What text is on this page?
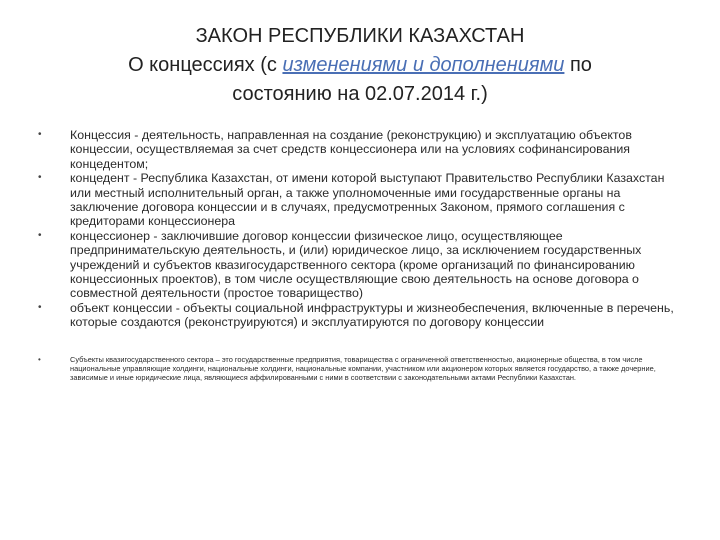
ЗАКОН РЕСПУБЛИКИ КАЗАХСТАН
О концессиях (с изменениями и дополнениями по
состоянию на 02.07.2014 г.)
• Концессия - деятельность, направленная на создание (реконструкцию) и эксплуатацию объектов концессии, осуществляемая за счет средств концессионера или на условиях софинансирования концедентом;
• концедент - Республика Казахстан, от имени которой выступают Правительство Республики Казахстан или местный исполнительный орган, а также уполномоченные ими государственные органы на заключение договора концессии и в случаях, предусмотренных Законом, прямого соглашения с кредиторами концессионера
• концессионер - заключившие договор концессии физическое лицо, осуществляющее предпринимательскую деятельность, и (или) юридическое лицо, за исключением государственных учреждений и субъектов квазигосударственного сектора (кроме организаций по финансированию концессионных проектов), в том числе осуществляющие свою деятельность на основе договора о совместной деятельности (простое товарищество)
• объект концессии - объекты социальной инфраструктуры и жизнеобеспечения, включенные в перечень, которые создаются (реконструируются) и эксплуатируются по договору концессии
•	Субъекты квазигосударственного сектора – это государственные предприятия, товарищества с ограниченной ответственностью, акционерные общества, в том числе национальные управляющие холдинги, национальные холдинги, национальные компании, участником или акционером которых является государство, а также дочерние, зависимые и иные юридические лица, являющиеся аффилированными с ними в соответствии с законодательными актами Республики Казахстан.
